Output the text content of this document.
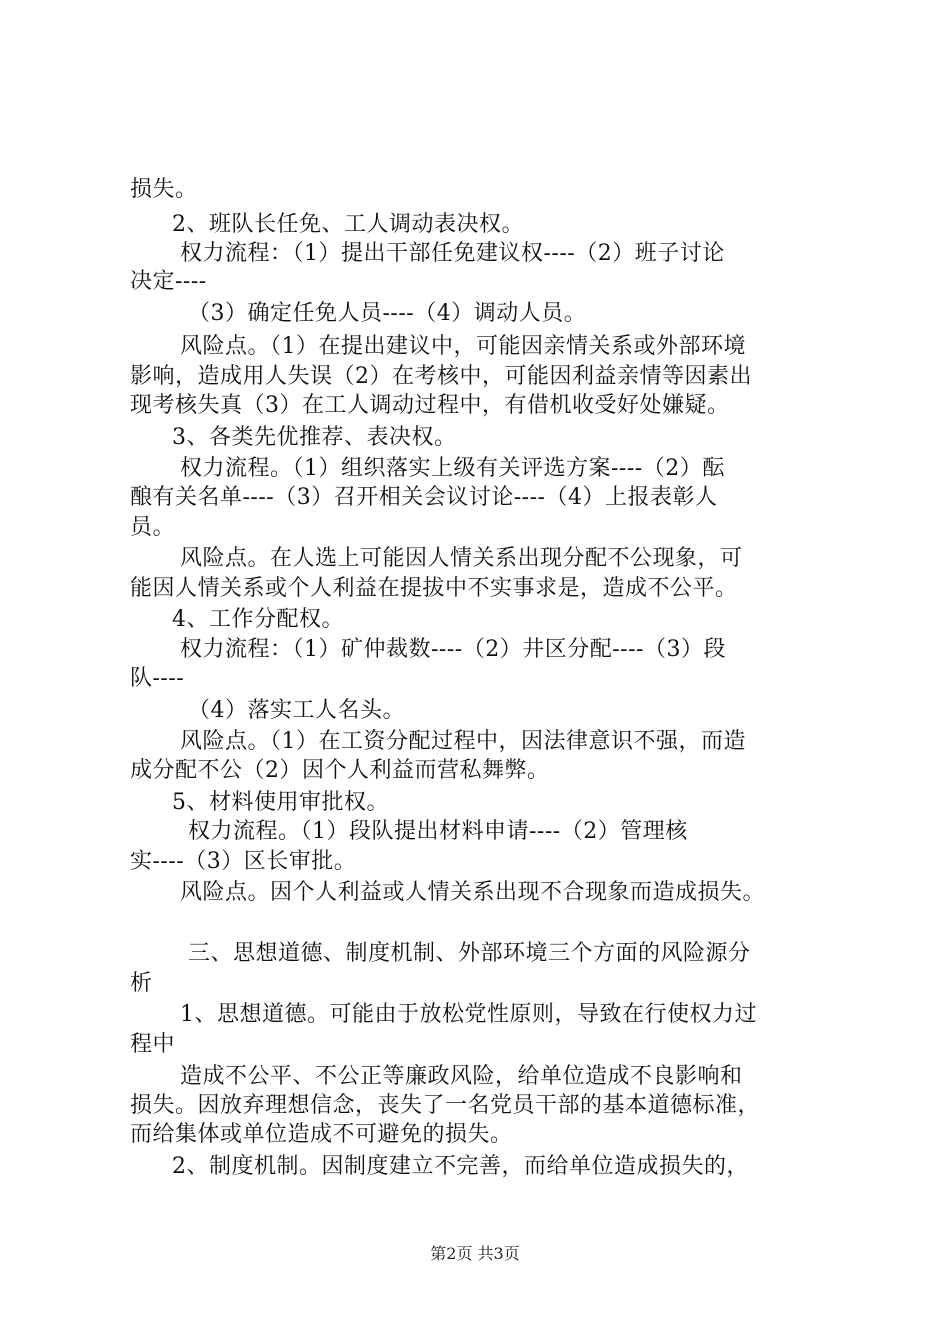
损失。
2、班队长任免、工人调动表决权。
权力流程：（1）提出干部任免建议权----（2）班子讨论
决定----
（3）确定任免人员----（4）调动人员。
风险点。（1）在提出建议中，可能因亲情关系或外部环境
影响，造成用人失误（2）在考核中，可能因利益亲情等因素出
现考核失真（3）在工人调动过程中，有借机收受好处嫌疑。
3、各类先优推荐、表决权。
权力流程。（1）组织落实上级有关评选方案----（2）酝
酿有关名单----（3）召开相关会议讨论----（4）上报表彰人
员。
风险点。在人选上可能因人情关系出现分配不公现象，可
能因人情关系或个人利益在提拔中不实事求是，造成不公平。
4、工作分配权。
权力流程：（1）矿仲裁数----（2）井区分配----（3）段
队----
（4）落实工人名头。
风险点。（1）在工资分配过程中，因法律意识不强，而造
成分配不公（2）因个人利益而营私舞弊。
5、材料使用审批权。
权力流程。（1）段队提出材料申请----（2）管理核
实----（3）区长审批。
风险点。因个人利益或人情关系出现不合现象而造成损失。
三、思想道德、制度机制、外部环境三个方面的风险源分
析
1、思想道德。可能由于放松党性原则，导致在行使权力过
程中
造成不公平、不公正等廉政风险，给单位造成不良影响和
损失。因放弃理想信念，丧失了一名党员干部的基本道德标准，
而给集体或单位造成不可避免的损失。
2、制度机制。因制度建立不完善，而给单位造成损失的，
第2页 共3页
